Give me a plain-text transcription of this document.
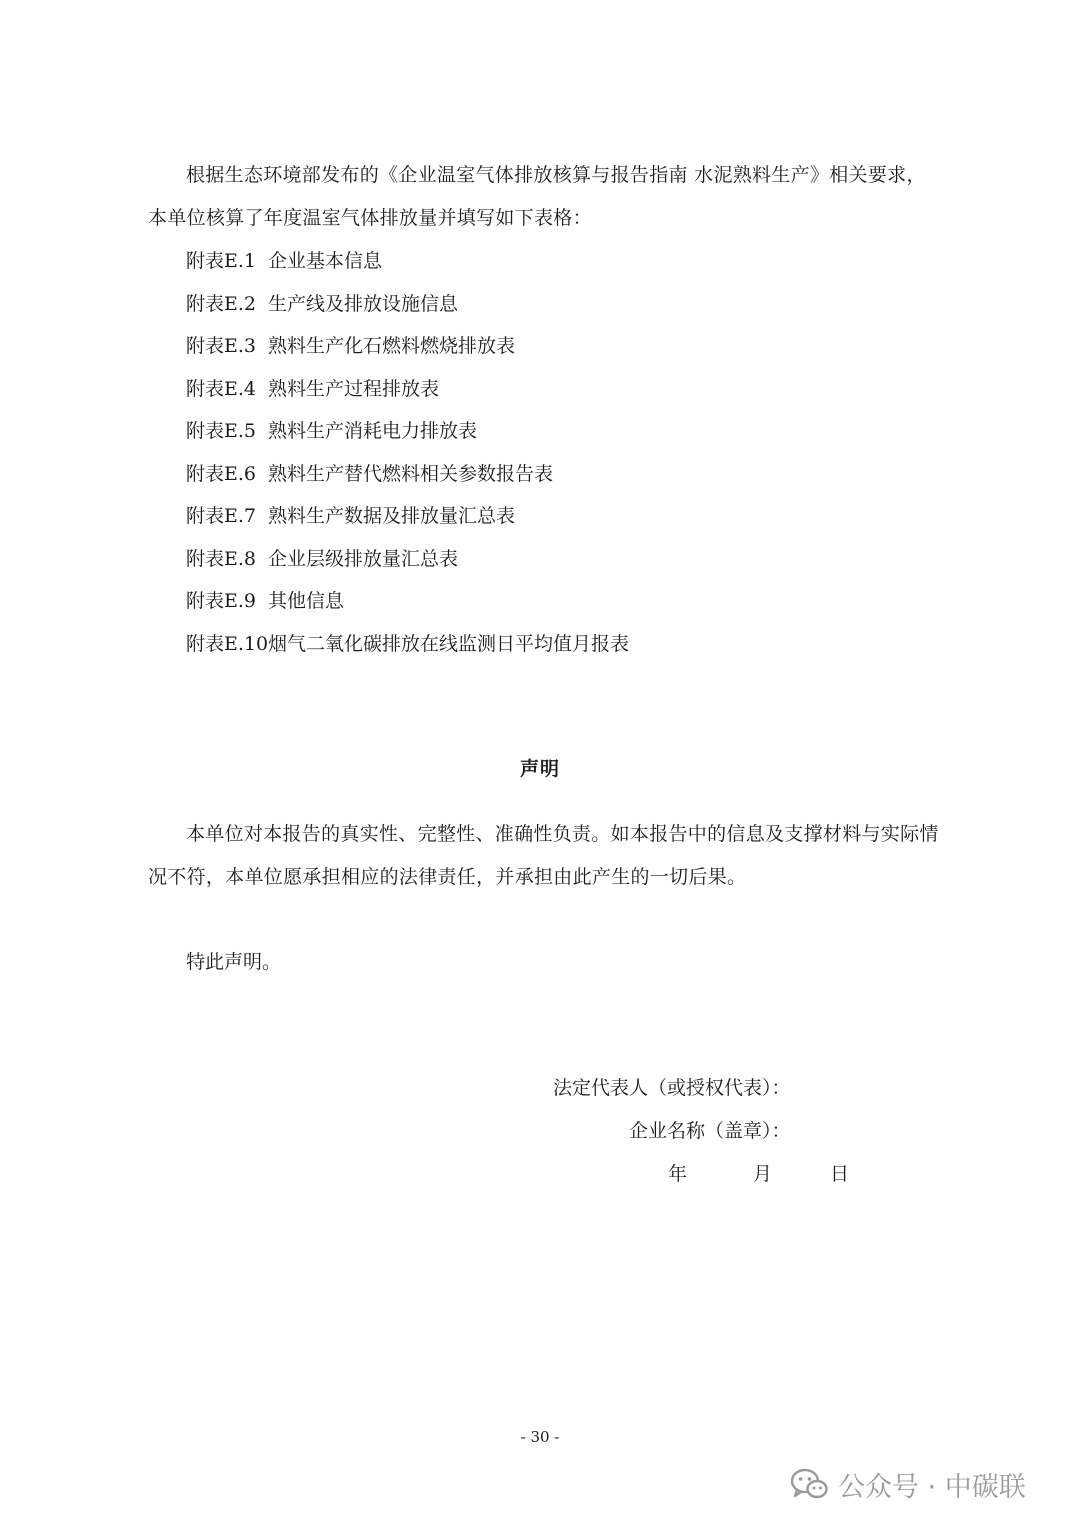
根据生态环境部发布的《企业温室气体排放核算与报告指南 水泥熟料生产》相关要求，
本单位核算了年度温室气体排放量并填写如下表格：

附表E.1 企业基本信息
附表E.2 生产线及排放设施信息
附表E.3 熟料生产化石燃料燃烧排放表
附表E.4 熟料生产过程排放表
附表E.5 熟料生产消耗电力排放表
附表E.6 熟料生产替代燃料相关参数报告表
附表E.7 熟料生产数据及排放量汇总表
附表E.8 企业层级排放量汇总表
附表E.9 其他信息
附表E.10烟气二氧化碳排放在线监测日平均值月报表
声明

本单位对本报告的真实性、完整性、准确性负责。如本报告中的信息及支撑材料与实际情
况不符，本单位愿承担相应的法律责任，并承担由此产生的一切后果。

特此声明。
法定代表人（或授权代表）：
企业名称（盖章）：
年	月	日
- 30 -
公众号 · 中碳联
